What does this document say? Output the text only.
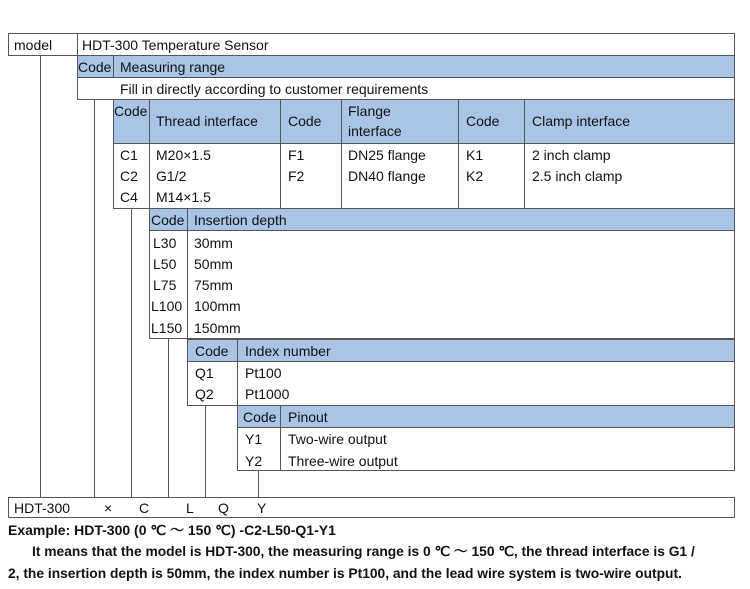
model HDT-300 Temperature Sensor
Code Measuring range
Fill in directly according to customer requirements
Code
Thread interface Code
Flange
interface
Code Clamp interface
C1
C2
C4
M20×1.5
G1/2
M14×1.5
F1
F2
DN25 flange
DN40 flange
K1
K2
2 inch clamp
2.5 inch clamp
Code Insertion depth
L30
L50
L75
L100
L150
30mm
50mm
75mm
100mm
150mm
Code Index number
Q1
Q2
Pt100
Pt1000
Code Pinout
Y1
Y2
Two-wire output
Three-wire output
HDT-300 × C	L Q Y
Example: HDT-300 (0 ℃ ～ 150 ℃) -C2-L50-Q1-Y1
It means that the model is HDT-300, the measuring range is 0 ℃ ～ 150 ℃, the thread interface is G1 /
2, the insertion depth is 50mm, the index number is Pt100, and the lead wire system is two-wire output.
